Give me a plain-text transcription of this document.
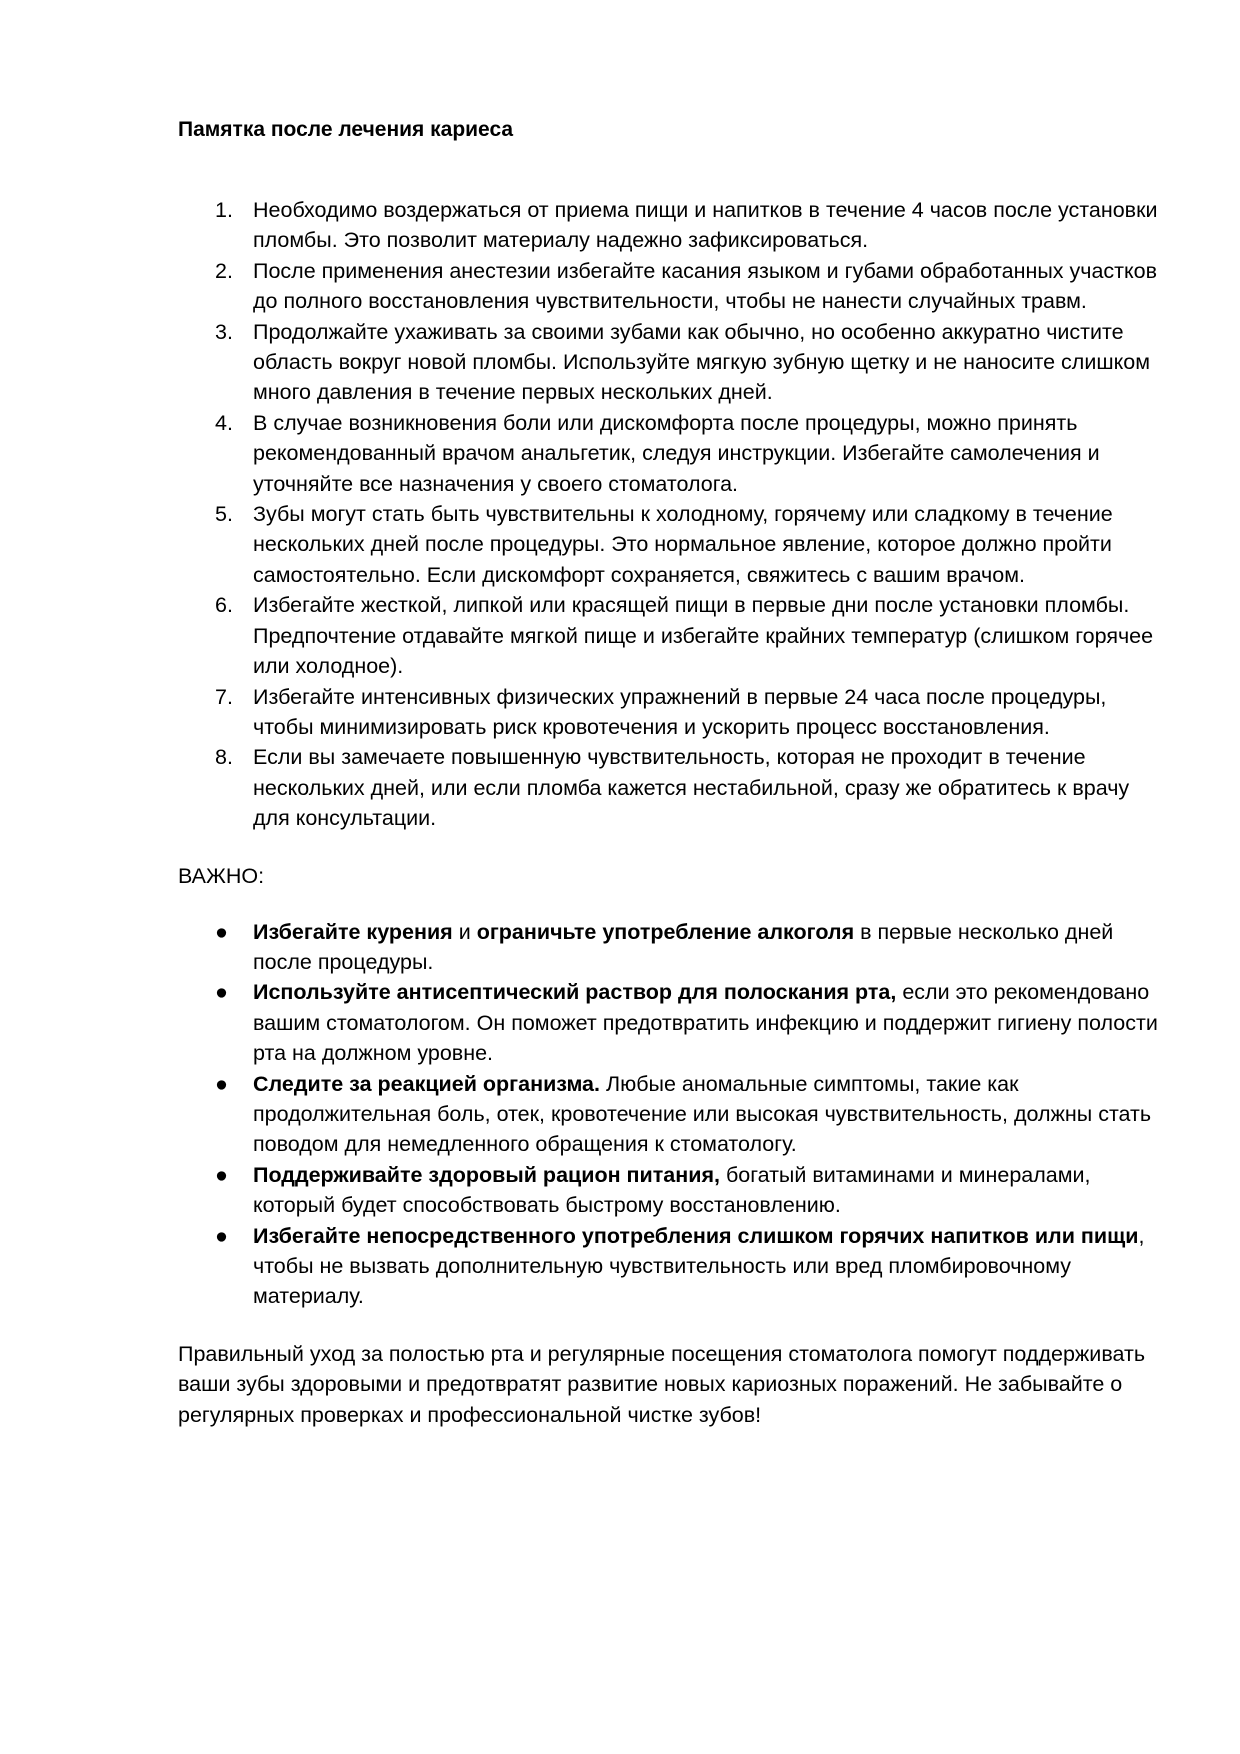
Памятка после лечения кариеса
1. Необходимо воздержаться от приема пищи и напитков в течение 4 часов после установки пломбы. Это позволит материалу надежно зафиксироваться.
2. После применения анестезии избегайте касания языком и губами обработанных участков до полного восстановления чувствительности, чтобы не нанести случайных травм.
3. Продолжайте ухаживать за своими зубами как обычно, но особенно аккуратно чистите область вокруг новой пломбы. Используйте мягкую зубную щетку и не наносите слишком много давления в течение первых нескольких дней.
4. В случае возникновения боли или дискомфорта после процедуры, можно принять рекомендованный врачом анальгетик, следуя инструкции. Избегайте самолечения и уточняйте все назначения у своего стоматолога.
5. Зубы могут стать быть чувствительны к холодному, горячему или сладкому в течение нескольких дней после процедуры. Это нормальное явление, которое должно пройти самостоятельно. Если дискомфорт сохраняется, свяжитесь с вашим врачом.
6. Избегайте жесткой, липкой или красящей пищи в первые дни после установки пломбы. Предпочтение отдавайте мягкой пище и избегайте крайних температур (слишком горячее или холодное).
7. Избегайте интенсивных физических упражнений в первые 24 часа после процедуры, чтобы минимизировать риск кровотечения и ускорить процесс восстановления.
8. Если вы замечаете повышенную чувствительность, которая не проходит в течение нескольких дней, или если пломба кажется нестабильной, сразу же обратитесь к врачу для консультации.
ВАЖНО:
● Избегайте курения и ограничьте употребление алкоголя в первые несколько дней после процедуры.
● Используйте антисептический раствор для полоскания рта, если это рекомендовано вашим стоматологом. Он поможет предотвратить инфекцию и поддержит гигиену полости рта на должном уровне.
● Следите за реакцией организма. Любые аномальные симптомы, такие как продолжительная боль, отек, кровотечение или высокая чувствительность, должны стать поводом для немедленного обращения к стоматологу.
● Поддерживайте здоровый рацион питания, богатый витаминами и минералами, который будет способствовать быстрому восстановлению.
● Избегайте непосредственного употребления слишком горячих напитков или пищи, чтобы не вызвать дополнительную чувствительность или вред пломбировочному материалу.

Правильный уход за полостью рта и регулярные посещения стоматолога помогут поддерживать ваши зубы здоровыми и предотвратят развитие новых кариозных поражений. Не забывайте о регулярных проверках и профессиональной чистке зубов!
